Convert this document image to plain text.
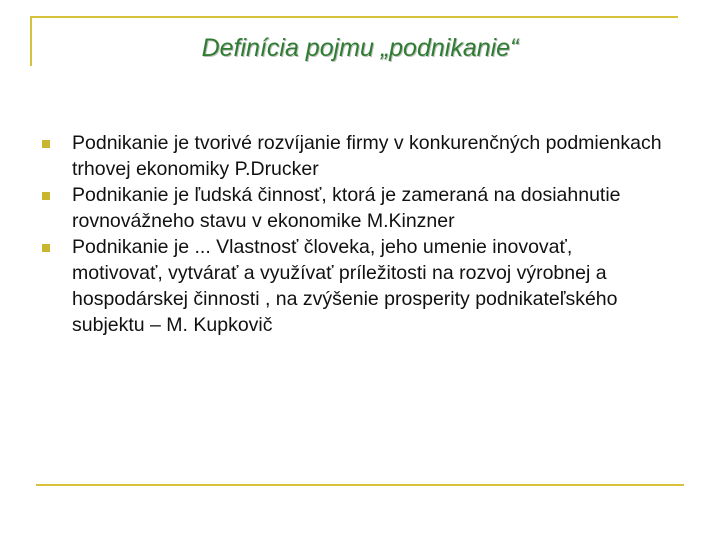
Definícia pojmu „podnikanie“
Podnikanie je tvorivé rozvíjanie firmy v konkurenčných podmienkach trhovej ekonomiky P.Drucker
Podnikanie je ľudská činnosť, ktorá je zameraná na dosiahnutie rovnovážneho stavu v ekonomike M.Kinzner
Podnikanie je ... Vlastnosť človeka, jeho umenie inovovať, motivovať, vytvárať a využívať príležitosti na rozvoj výrobnej a hospodárskej činnosti , na zvýšenie prosperity podnikateľského subjektu – M. Kupkovič
